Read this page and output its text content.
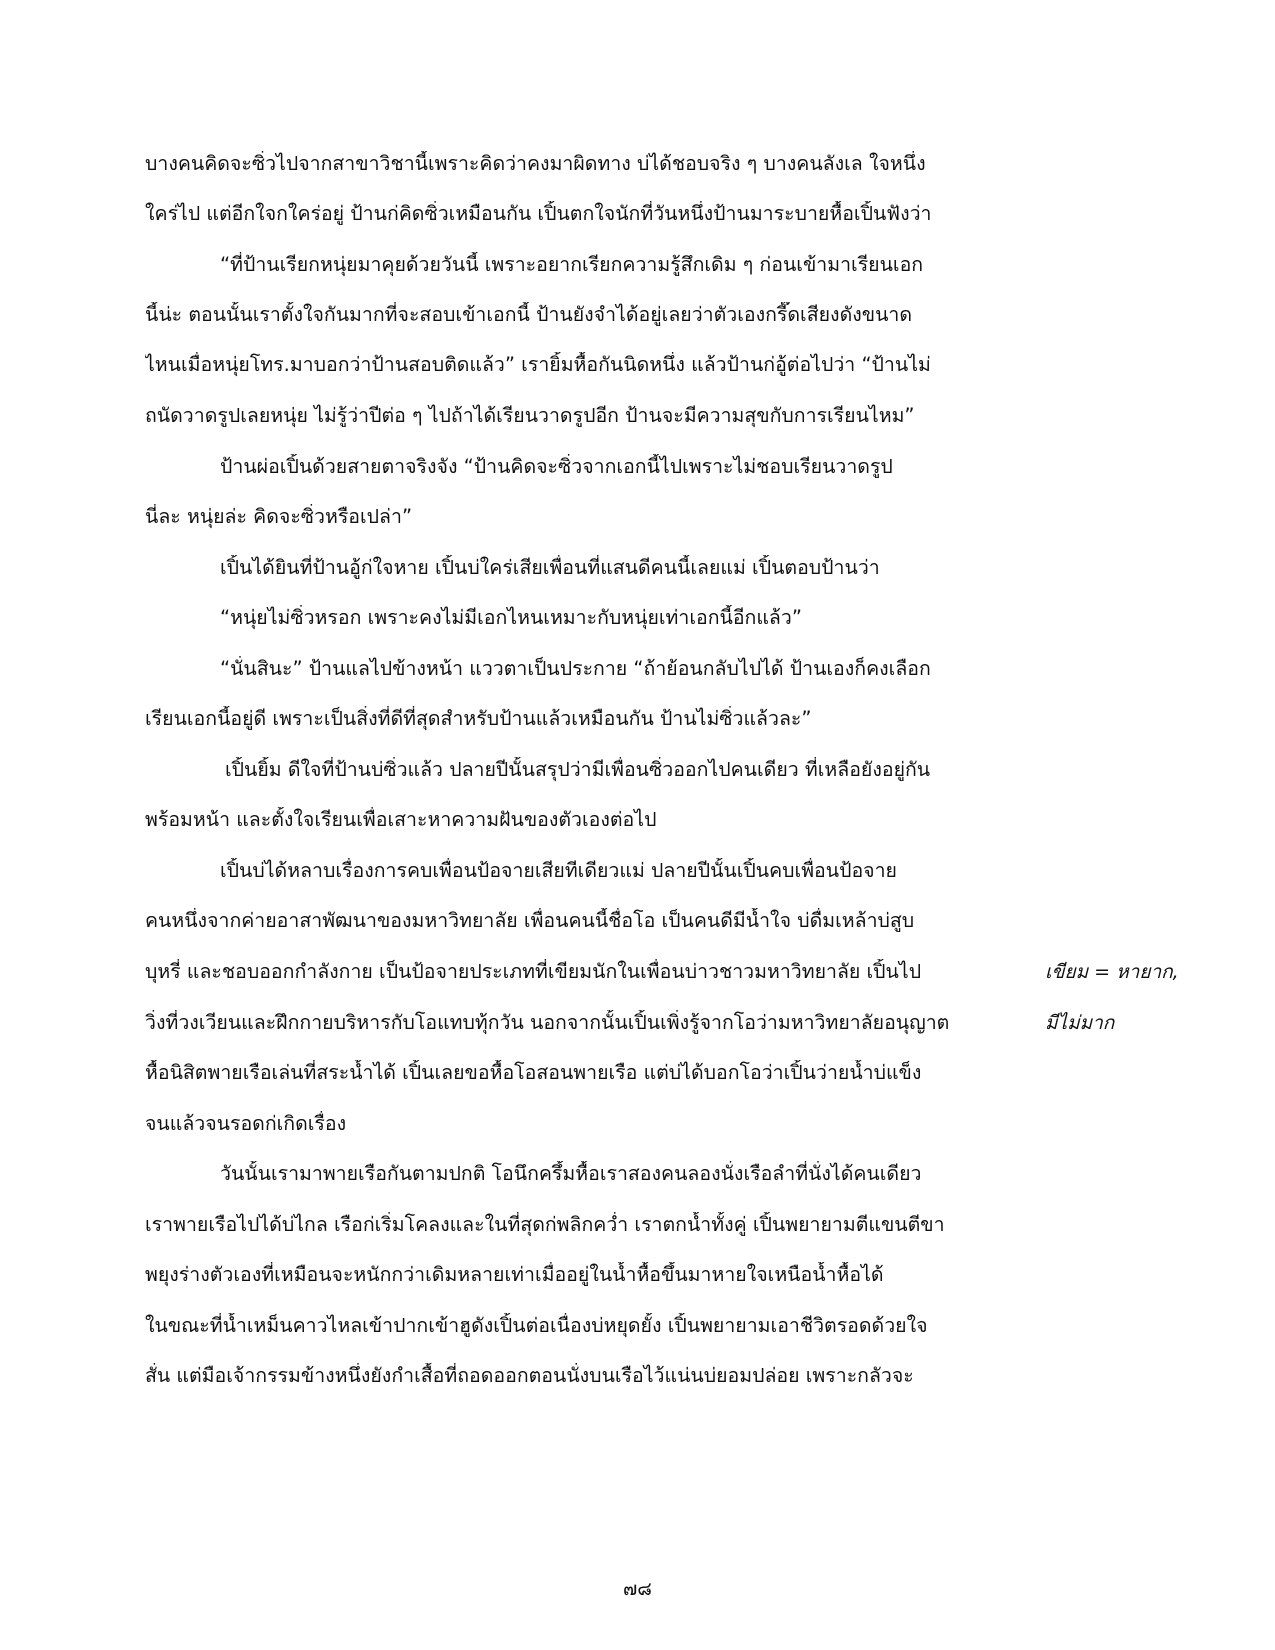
บางคนคิดจะซิ่วไปจากสาขาวิชานี้เพราะคิดว่าคงมาผิดทาง บ่ได้ชอบจริง ๆ บางคนลังเล ใจหนึ่ง
ใคร่ไป แต่อีกใจกใคร่อยู่ ป้านก่คิดซิ่วเหมือนกัน เปิ้นตกใจนักที่วันหนึ่งป้านมาระบายหื้อเปิ้นฟังว่า
“ที่ป้านเรียกหนุ่ยมาคุยด้วยวันนี้ เพราะอยากเรียกความรู้สึกเดิม ๆ ก่อนเข้ามาเรียนเอก
นี้น่ะ ตอนนั้นเราตั้งใจกันมากที่จะสอบเข้าเอกนี้ ป้านยังจำได้อยู่เลยว่าตัวเองกรี๊ดเสียงดังขนาด
ไหนเมื่อหนุ่ยโทร.มาบอกว่าป้านสอบติดแล้ว” เรายิ้มหื้อกันนิดหนึ่ง แล้วป้านก่อู้ต่อไปว่า “ป้านไม่
ถนัดวาดรูปเลยหนุ่ย ไม่รู้ว่าปีต่อ ๆ ไปถ้าได้เรียนวาดรูปอีก ป้านจะมีความสุขกับการเรียนไหม”
ป้านผ่อเปิ้นด้วยสายตาจริงจัง “ป้านคิดจะซิ่วจากเอกนี้ไปเพราะไม่ชอบเรียนวาดรูป
นี่ละ หนุ่ยล่ะ คิดจะซิ่วหรือเปล่า”
เปิ้นได้ยินที่ป้านอู้ก่ใจหาย เปิ้นบ่ใคร่เสียเพื่อนที่แสนดีคนนี้เลยแม่ เปิ้นตอบป้านว่า
“หนุ่ยไม่ซิ่วหรอก เพราะคงไม่มีเอกไหนเหมาะกับหนุ่ยเท่าเอกนี้อีกแล้ว”
“นั่นสินะ” ป้านแลไปข้างหน้า แววตาเป็นประกาย “ถ้าย้อนกลับไปได้ ป้านเองก็คงเลือก
เรียนเอกนี้อยู่ดี เพราะเป็นสิ่งที่ดีที่สุดสำหรับป้านแล้วเหมือนกัน ป้านไม่ซิ่วแล้วละ”
เปิ้นยิ้ม ดีใจที่ป้านบ่ซิ่วแล้ว ปลายปีนั้นสรุปว่ามีเพื่อนซิ่วออกไปคนเดียว ที่เหลือยังอยู่กัน
พร้อมหน้า และตั้งใจเรียนเพื่อเสาะหาความฝันของตัวเองต่อไป
เปิ้นบ่ได้หลาบเรื่องการคบเพื่อนป้อจายเสียทีเดียวแม่ ปลายปีนั้นเปิ้นคบเพื่อนป้อจาย
คนหนึ่งจากค่ายอาสาพัฒนาของมหาวิทยาลัย เพื่อนคนนี้ชื่อโอ เป็นคนดีมีน้ำใจ บ่ดื่มเหล้าบ่สูบ
บุหรี่ และชอบออกกำลังกาย เป็นป้อจายประเภทที่เขียมนักในเพื่อนบ่าวชาวมหาวิทยาลัย เปิ้นไป
วิ่งที่วงเวียนและฝึกกายบริหารกับโอแทบทุ้กวัน นอกจากนั้นเปิ้นเพิ่งรู้จากโอว่ามหาวิทยาลัยอนุญาต
หื้อนิสิตพายเรือเล่นที่สระน้ำได้ เปิ้นเลยขอหื้อโอสอนพายเรือ แต่บ่ได้บอกโอว่าเปิ้นว่ายน้ำบ่แข็ง
จนแล้วจนรอดก่เกิดเรื่อง
วันนั้นเรามาพายเรือกันตามปกติ โอนึกครึ้มหื้อเราสองคนลองนั่งเรือลำที่นั่งได้คนเดียว
เราพายเรือไปได้บ่ไกล เรือก่เริ่มโคลงและในที่สุดก่พลิกคว่ำ เราตกน้ำทั้งคู่ เปิ้นพยายามตีแขนตีขา
พยุงร่างตัวเองที่เหมือนจะหนักกว่าเดิมหลายเท่าเมื่ออยู่ในน้ำหื้อขึ้นมาหายใจเหนือน้ำหื้อได้
ในขณะที่น้ำเหม็นคาวไหลเข้าปากเข้าฮูดังเปิ้นต่อเนื่องบ่หยุดยั้ง เปิ้นพยายามเอาชีวิตรอดด้วยใจ
สั่น แต่มือเจ้ากรรมข้างหนึ่งยังกำเสื้อที่ถอดออกตอนนั่งบนเรือไว้แน่นบ่ยอมปล่อย เพราะกลัวจะ
เขียม = หายาก,
มีไม่มาก
๗๘
